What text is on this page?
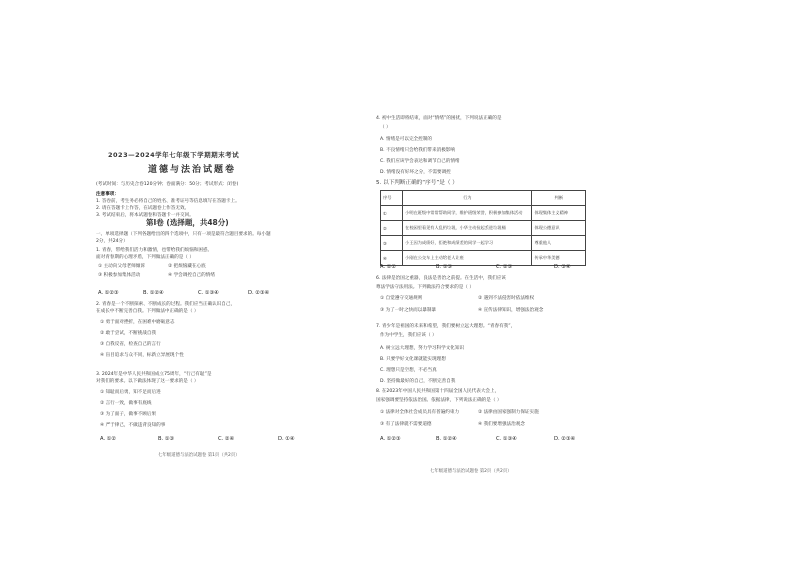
2023—2024学年七年级下学期期末考试
道德与法治试题卷
(考试时间：与历史合卷120分钟；卷面满分：50分；考试形式：闭卷)
注意事项：
1. 答卷前，考生务必将自己的姓名、准考证号等信息填写在答题卡上。
2. 请在答题卡上作答，在试题卷上作答无效。
3. 考试结束后，将本试题卷和答题卡一并交回。
第I卷 (选择题，共48分)
一、单项选择题（下列各题给出的四个选项中，只有一项是最符合题目要求的。每小题
2分，共24分）
1. 青春，带给我们活力和激情，也带给我们烦恼和困惑。
面对青春期的心理矛盾，下列做法正确的是（ ）
① 主动向父母老师倾诉	② 把烦恼藏在心底
③ 积极参加集体活动	④ 学会调控自己的情绪
A. ①②③	B. ①②④	C. ①③④	D. ②③④
2. 青春是一个不断探索、不断成长的过程。我们应当正确认识自己，
在成长中不断完善自我。下列做法中正确的是（ ）
① 勇于面对挫折，在困难中磨砺意志
② 敢于尝试，不断挑战自我
③ 自我反省，检查自己的言行
④ 盲目追求与众不同，标新立异展现个性
3. 2024年是中华人民共和国成立75周年，“行己有耻”是
对我们的要求。以下做法体现了这一要求的是（ ）
① 知耻而后勇，知不足而后进
② 言行一致，做事有底线
③ 为了面子，做事不顾后果
④ 严于律己，不做违背良知的事
A. ①②	B. ①③	C. ②④	D. ①④
七年级道德与法治试题卷 第1页（共2页）
4. 初中生活即将结束，面对“情绪”的困扰，下列说法正确的是
（ ）
A. 情绪是可以完全控制的
B. 不良情绪只会给我们带来消极影响
C. 我们应该学会表达和调节自己的情绪
D. 情绪没有好坏之分，不需要调控
5. 以下判断正确的“序号”是（ ）
序号	行为	判断
①	小明在班级中常常帮助同学，维护班级荣誉，积极参加集体活动	体现集体主义精神
②	在校园里看见有人乱扔垃圾，小华主动捡起丢进垃圾桶	体现公德意识
③	小王因为成绩好，拒绝和成绩差的同学一起学习	尊重他人
④	小刚在公交车上主动给老人让座	传承中华美德
A. ①②	B. ①③	C. ②③	D. ③④
6. 法律是治国之重器，良法是善治之前提。在生活中，我们应该
尊法学法守法用法。下列做法符合要求的是（ ）
① 自觉遵守交通规则	② 遇到不法侵害时依法维权
③ 为了一时之快而以暴制暴	④ 宣传法律知识，增强法治观念
7. 青少年是祖国的未来和希望，我们要树立远大理想。“青春有我”，
作为中学生，我们应该（ ）
A. 树立远大理想，努力学习科学文化知识
B. 只要学好文化课就能实现理想
C. 理想只是空想，不必当真
D. 坚持做最好的自己，不断完善自我
8. 在2023年中国人民共和国第十四届全国人民代表大会上，
国家强调要坚持依法治国。依据法律，下列说法正确的是（ ）
① 法律对全体社会成员具有普遍约束力	② 法律由国家强制力保证实施
③ 有了法律就不需要道德	④ 我们要增强法治观念
A. ①②③	B. ①②④	C. ①③④	D. ②③④
七年级道德与法治试题卷 第2页（共2页）
